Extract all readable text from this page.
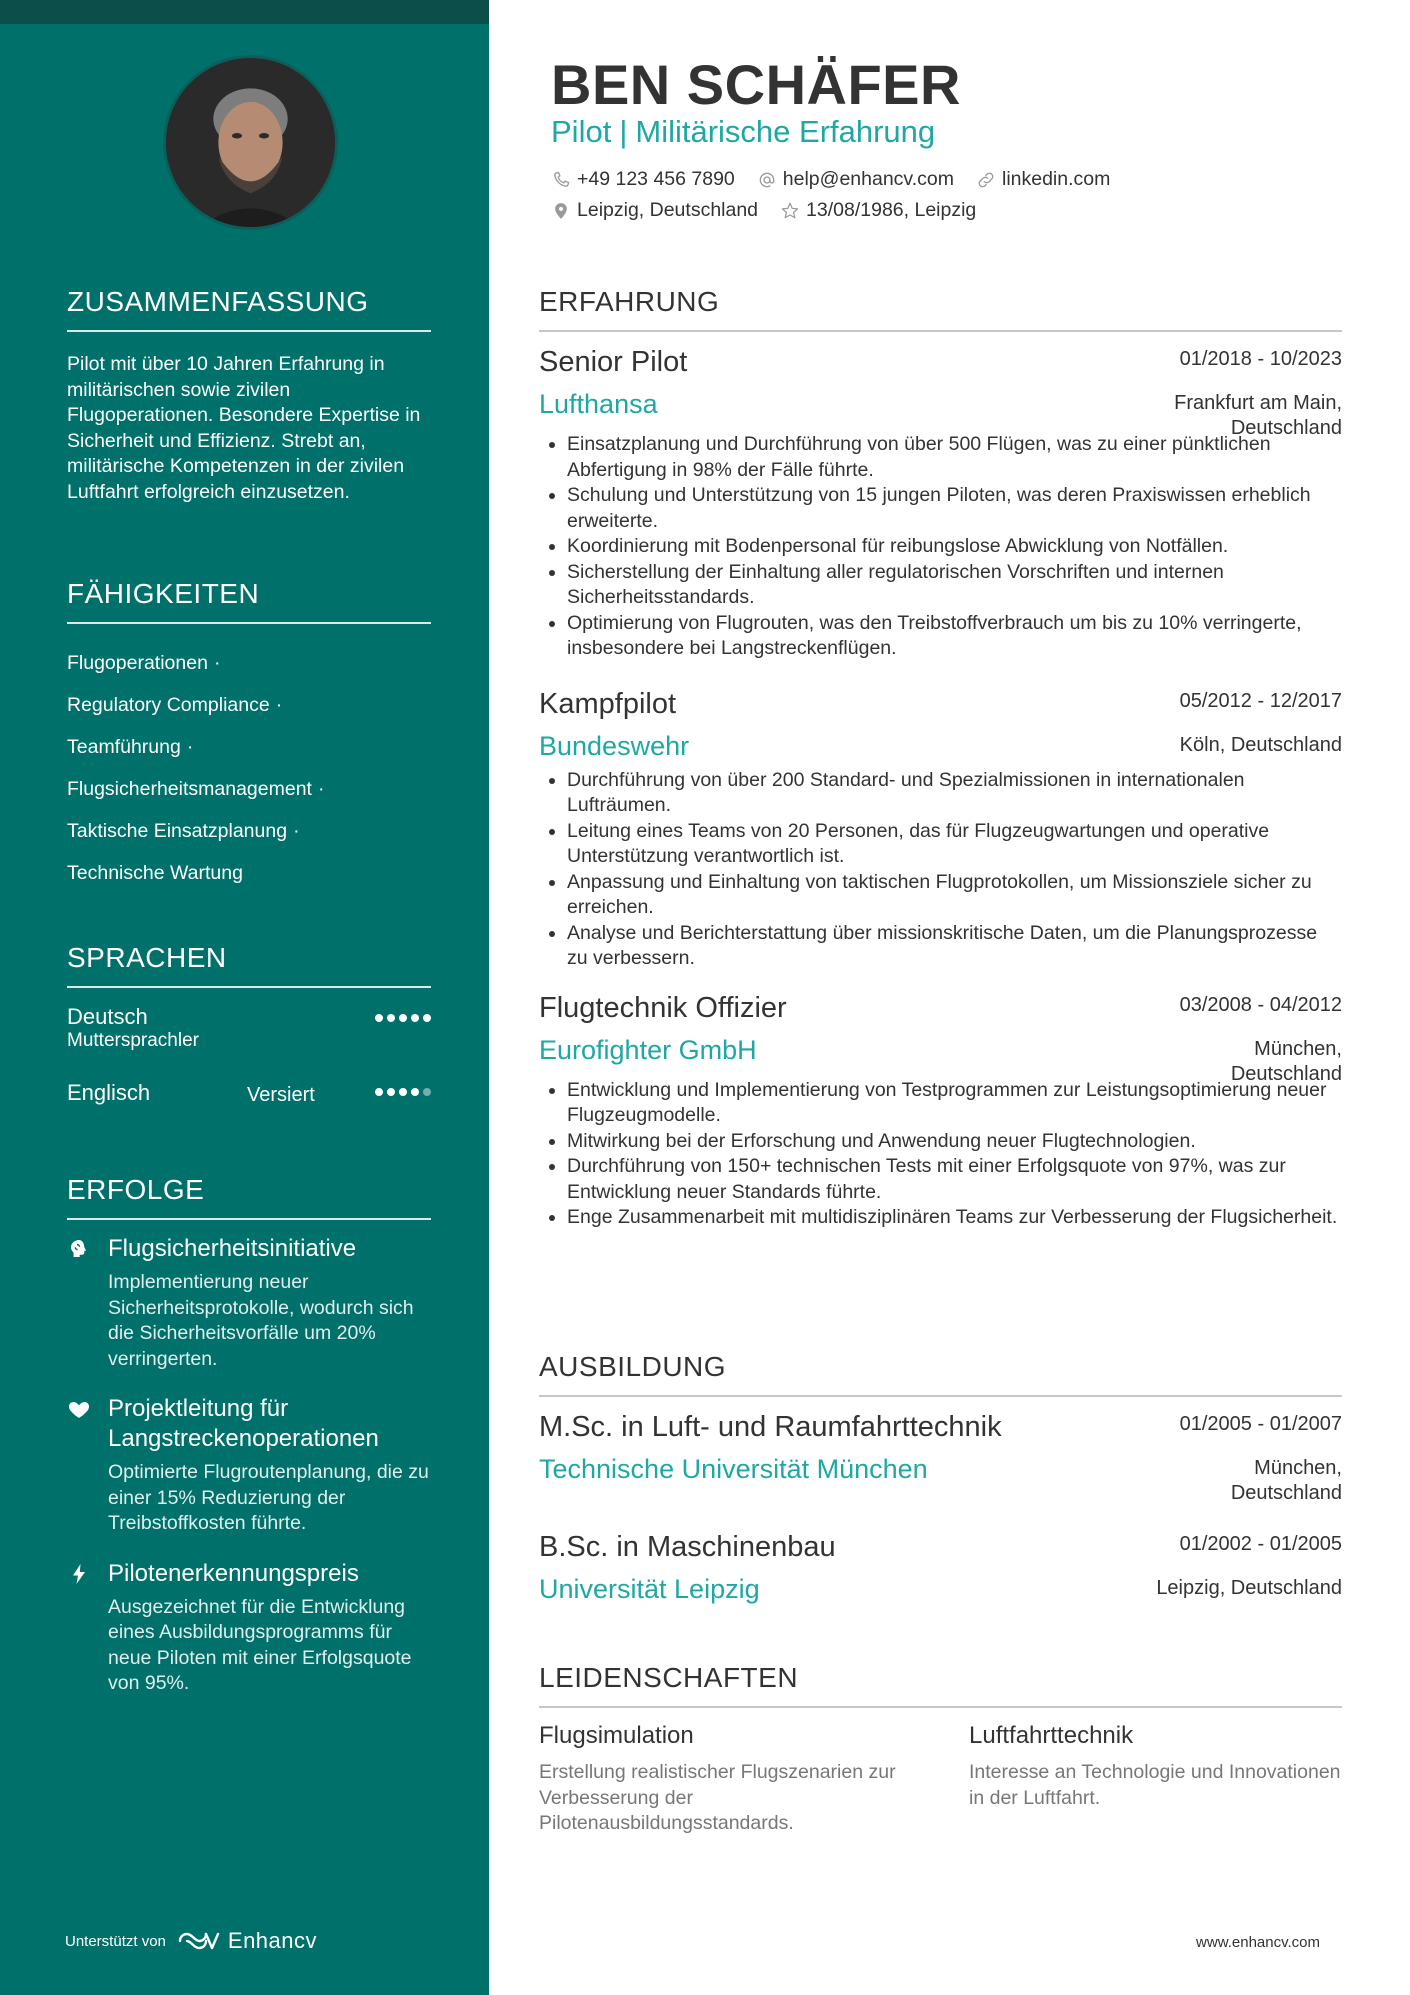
ZUSAMMENFASSUNG
Pilot mit über 10 Jahren Erfahrung in militärischen sowie zivilen Flugoperationen. Besondere Expertise in Sicherheit und Effizienz. Strebt an, militärische Kompetenzen in der zivilen Luftfahrt erfolgreich einzusetzen.
FÄHIGKEITEN
Flugoperationen ·
Regulatory Compliance ·
Teamführung ·
Flugsicherheitsmanagement ·
Taktische Einsatzplanung ·
Technische Wartung
SPRACHEN
Deutsch
Muttersprachler
Englisch	Versiert
ERFOLGE
Flugsicherheitsinitiative
Implementierung neuer Sicherheitsprotokolle, wodurch sich die Sicherheitsvorfälle um 20% verringerten.
Projektleitung für Langstreckenoperationen
Optimierte Flugroutenplanung, die zu einer 15% Reduzierung der Treibstoffkosten führte.
Pilotenerkennungspreis
Ausgezeichnet für die Entwicklung eines Ausbildungsprogramms für neue Piloten mit einer Erfolgsquote von 95%.
Unterstützt von	Enhancv
BEN SCHÄFER
Pilot | Militärische Erfahrung
+49 123 456 7890 help@enhancv.com linkedin.com
Leipzig, Deutschland 13/08/1986, Leipzig
ERFAHRUNG
Senior Pilot	01/2018 - 10/2023
Lufthansa	Frankfurt am Main,
Deutschland
• Einsatzplanung und Durchführung von über 500 Flügen, was zu einer pünktlichen Abfertigung in 98% der Fälle führte.
• Schulung und Unterstützung von 15 jungen Piloten, was deren Praxiswissen erheblich erweiterte.
• Koordinierung mit Bodenpersonal für reibungslose Abwicklung von Notfällen.
• Sicherstellung der Einhaltung aller regulatorischen Vorschriften und internen Sicherheitsstandards.
• Optimierung von Flugrouten, was den Treibstoffverbrauch um bis zu 10% verringerte, insbesondere bei Langstreckenflügen.
Kampfpilot	05/2012 - 12/2017
Bundeswehr	Köln, Deutschland
• Durchführung von über 200 Standard- und Spezialmissionen in internationalen Lufträumen.
• Leitung eines Teams von 20 Personen, das für Flugzeugwartungen und operative Unterstützung verantwortlich ist.
• Anpassung und Einhaltung von taktischen Flugprotokollen, um Missionsziele sicher zu erreichen.
• Analyse und Berichterstattung über missionskritische Daten, um die Planungsprozesse zu verbessern.
Flugtechnik Offizier	03/2008 - 04/2012
Eurofighter GmbH	München,
Deutschland
• Entwicklung und Implementierung von Testprogrammen zur Leistungsoptimierung neuer Flugzeugmodelle.
• Mitwirkung bei der Erforschung und Anwendung neuer Flugtechnologien.
• Durchführung von 150+ technischen Tests mit einer Erfolgsquote von 97%, was zur Entwicklung neuer Standards führte.
• Enge Zusammenarbeit mit multidisziplinären Teams zur Verbesserung der Flugsicherheit.
AUSBILDUNG
M.Sc. in Luft- und Raumfahrttechnik	01/2005 - 01/2007
Technische Universität München	München,
Deutschland
B.Sc. in Maschinenbau	01/2002 - 01/2005
Universität Leipzig	Leipzig, Deutschland
LEIDENSCHAFTEN
Flugsimulation
Erstellung realistischer Flugszenarien zur Verbesserung der Pilotenausbildungsstandards.
Luftfahrttechnik
Interesse an Technologie und Innovationen in der Luftfahrt.
www.enhancv.com
